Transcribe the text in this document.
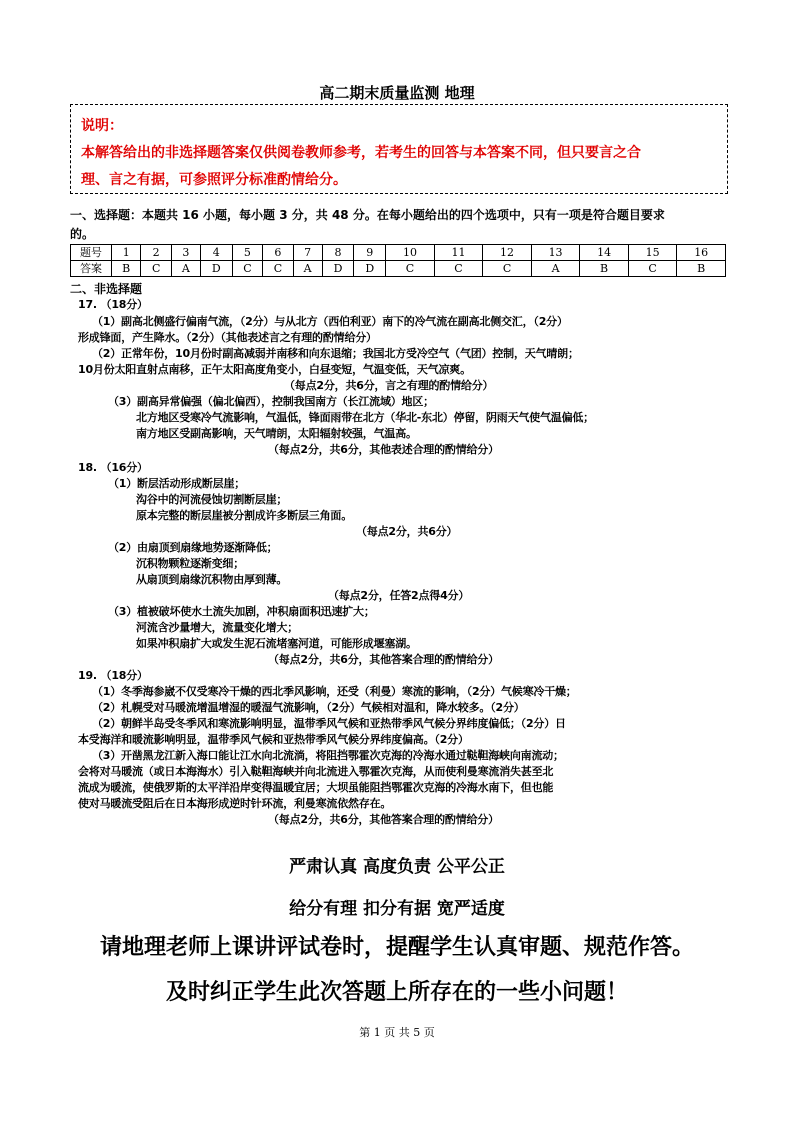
高二期末质量监测 地理
说明：
本解答给出的非选择题答案仅供阅卷教师参考，若考生的回答与本答案不同，但只要言之合
理、言之有据，可参照评分标准酌情给分。
一、选择题：本题共 16 小题，每小题 3 分，共 48 分。在每小题给出的四个选项中，只有一项是符合题目要求
的。
题号	1	2	3	4	5	6	7	8	9	10	11	12	13	14	15	16
答案	B	C	A	D	C	C	A	D	D	C	C	C	A	B	C	B
二、非选择题
17. （18分）
（1）副高北侧盛行偏南气流，（2分）与从北方（西伯利亚）南下的冷气流在副高北侧交汇，（2分）
形成锋面，产生降水。（2分）（其他表述言之有理的酌情给分）
（2）正常年份，10月份时副高减弱并南移和向东退缩；我国北方受冷空气（气团）控制，天气晴朗；
10月份太阳直射点南移，正午太阳高度角变小，白昼变短，气温变低，天气凉爽。
（每点2分，共6分，言之有理的酌情给分）
（3）副高异常偏强（偏北偏西），控制我国南方（长江流域）地区；
北方地区受寒冷气流影响，气温低，锋面雨带在北方（华北-东北）停留，阴雨天气使气温偏低；
南方地区受副高影响，天气晴朗，太阳辐射较强，气温高。
（每点2分，共6分，其他表述合理的酌情给分）
18. （16分）
（1）断层活动形成断层崖；
沟谷中的河流侵蚀切割断层崖；
原本完整的断层崖被分割成许多断层三角面。
（每点2分，共6分）
（2）由扇顶到扇缘地势逐渐降低；
沉积物颗粒逐渐变细；
从扇顶到扇缘沉积物由厚到薄。
（每点2分，任答2点得4分）
（3）植被破坏使水土流失加剧，冲积扇面积迅速扩大；
河流含沙量增大，流量变化增大；
如果冲积扇扩大或发生泥石流堵塞河道，可能形成堰塞湖。
（每点2分，共6分，其他答案合理的酌情给分）
19. （18分）
（1）冬季海参崴不仅受寒冷干燥的西北季风影响，还受（利曼）寒流的影响，（2分）气候寒冷干燥；
（2）札幌受对马暖流增温增湿的暖湿气流影响，（2分）气候相对温和，降水较多。（2分）
（2）朝鲜半岛受冬季风和寒流影响明显，温带季风气候和亚热带季风气候分界纬度偏低；（2分）日
本受海洋和暖流影响明显，温带季风气候和亚热带季风气候分界纬度偏高。（2分）
（3）开凿黑龙江新入海口能让江水向北流淌，将阻挡鄂霍次克海的冷海水通过鞑靼海峡向南流动；
会将对马暖流（或日本海海水）引入鞑靼海峡并向北流进入鄂霍次克海，从而使利曼寒流消失甚至北
流成为暖流，使俄罗斯的太平洋沿岸变得温暖宜居；大坝虽能阻挡鄂霍次克海的冷海水南下，但也能
使对马暖流受阻后在日本海形成逆时针环流，利曼寒流依然存在。
（每点2分，共6分，其他答案合理的酌情给分）
严肃认真 高度负责 公平公正
给分有理 扣分有据 宽严适度
请地理老师上课讲评试卷时，提醒学生认真审题、规范作答。
及时纠正学生此次答题上所存在的一些小问题！
第 1 页 共 5 页
